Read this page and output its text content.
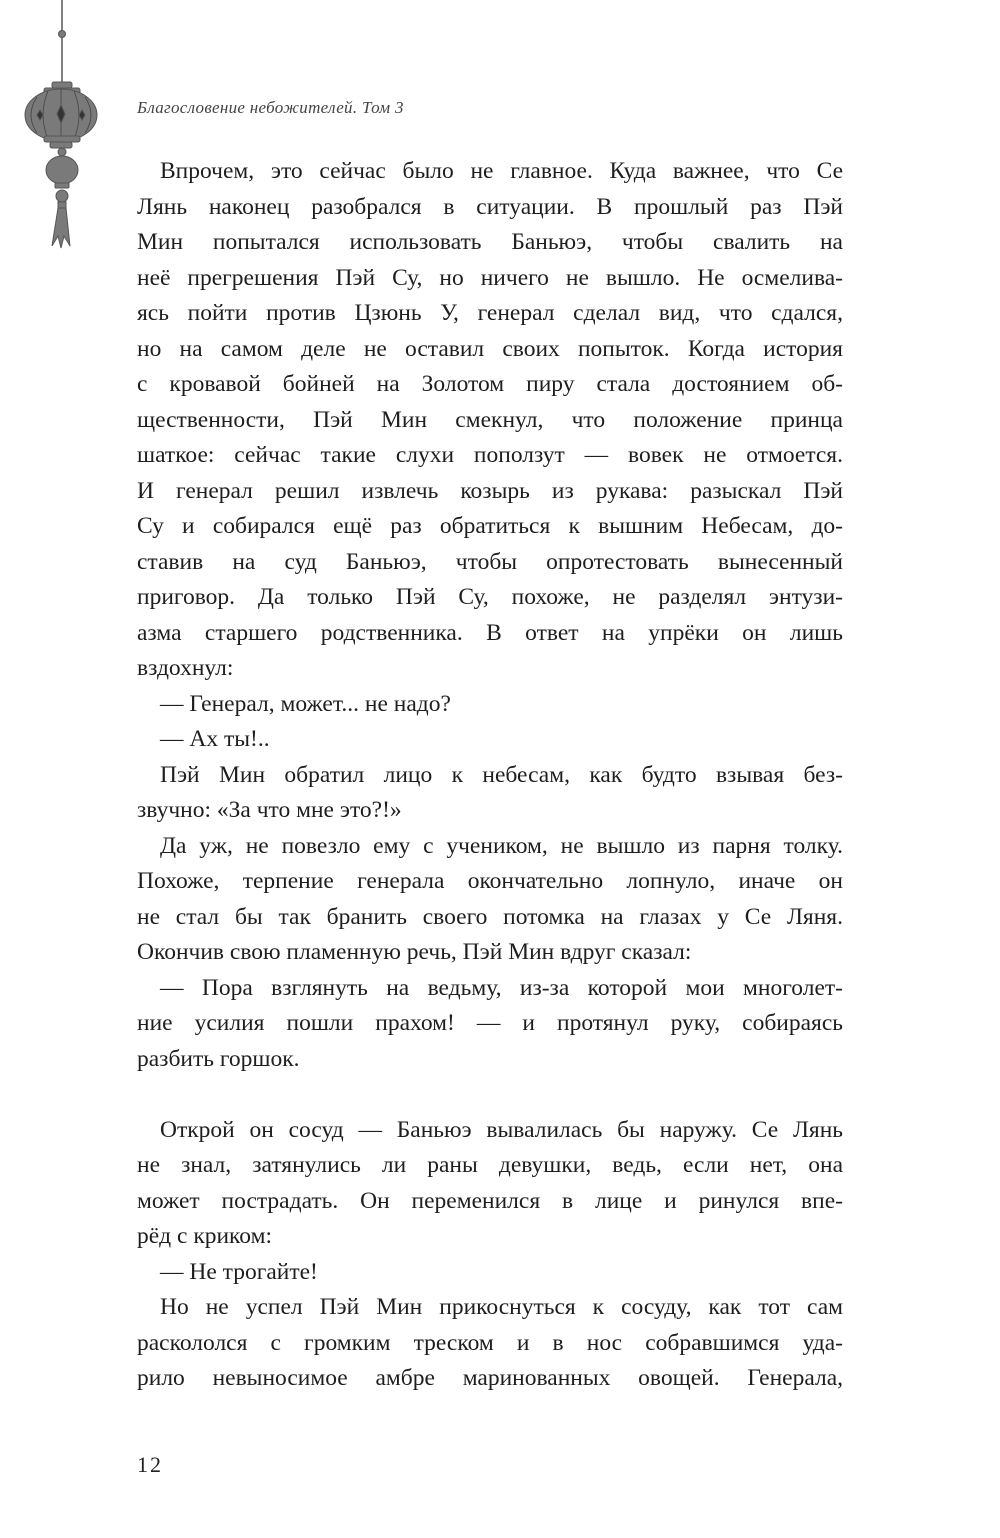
Благословение небожителей. Том 3
Впрочем, это сейчас было не главное. Куда важнее, что Се
Лянь наконец разобрался в ситуации. В прошлый раз Пэй
Мин попытался использовать Баньюэ, чтобы свалить на
неё прегрешения Пэй Су, но ничего не вышло. Не осмелива-
ясь пойти против Цзюнь У, генерал сделал вид, что сдался,
но на самом деле не оставил своих попыток. Когда история
с кровавой бойней на Золотом пиру стала достоянием об-
щественности, Пэй Мин смекнул, что положение принца
шаткое: сейчас такие слухи поползут — вовек не отмоется.
И генерал решил извлечь козырь из рукава: разыскал Пэй
Су и собирался ещё раз обратиться к вышним Небесам, до-
ставив на суд Баньюэ, чтобы опротестовать вынесенный
приговор. Да только Пэй Су, похоже, не разделял энтузи-
азма старшего родственника. В ответ на упрёки он лишь
вздохнул:
— Генерал, может... не надо?
— Ах ты!..
Пэй Мин обратил лицо к небесам, как будто взывая без-
звучно: «За что мне это?!»
Да уж, не повезло ему с учеником, не вышло из парня толку.
Похоже, терпение генерала окончательно лопнуло, иначе он
не стал бы так бранить своего потомка на глазах у Се Ляня.
Окончив свою пламенную речь, Пэй Мин вдруг сказал:
— Пора взглянуть на ведьму, из-за которой мои многолет-
ние усилия пошли прахом! — и протянул руку, собираясь
разбить горшок.
Открой он сосуд — Баньюэ вывалилась бы наружу. Се Лянь
не знал, затянулись ли раны девушки, ведь, если нет, она
может пострадать. Он переменился в лице и ринулся впе-
рёд с криком:
— Не трогайте!
Но не успел Пэй Мин прикоснуться к сосуду, как тот сам
раскололся с громким треском и в нос собравшимся уда-
рило невыносимое амбре маринованных овощей. Генерала,
12
